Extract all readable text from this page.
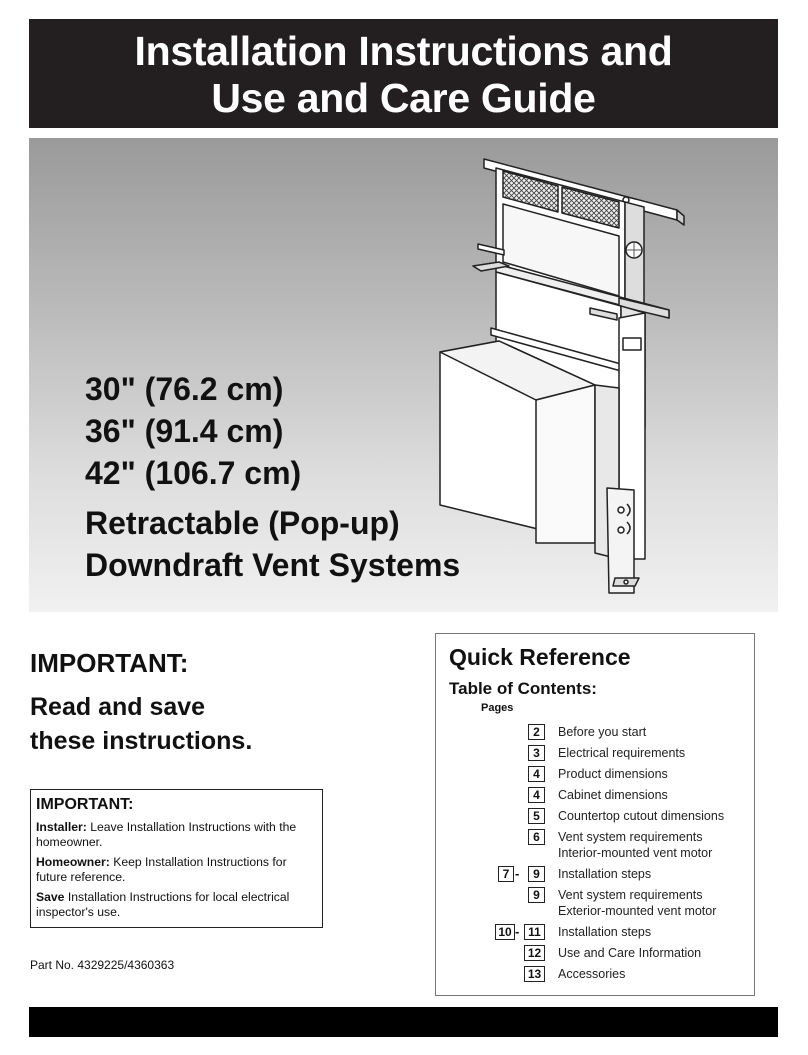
Installation Instructions and
Use and Care Guide
30" (76.2 cm)
36" (91.4 cm)
42" (106.7 cm)
Retractable (Pop-up)
Downdraft Vent Systems
IMPORTANT:
Read and save
these instructions.
IMPORTANT:

Installer: Leave Installation Instructions with the homeowner.

Homeowner: Keep Installation Instructions for future reference.

Save Installation Instructions for local electrical inspector's use.

Part No. 4329225/4360363
Quick Reference
Table of Contents:
Pages
2	Before you start
3	Electrical requirements
4	Product dimensions
4	Cabinet dimensions
5	Countertop cutout dimensions
6	Vent system requirements
Interior-mounted vent motor
7 -	9	Installation steps
9	Vent system requirements
Exterior-mounted vent motor
10 - 11	Installation steps
12	Use and Care Information
13	Accessories
